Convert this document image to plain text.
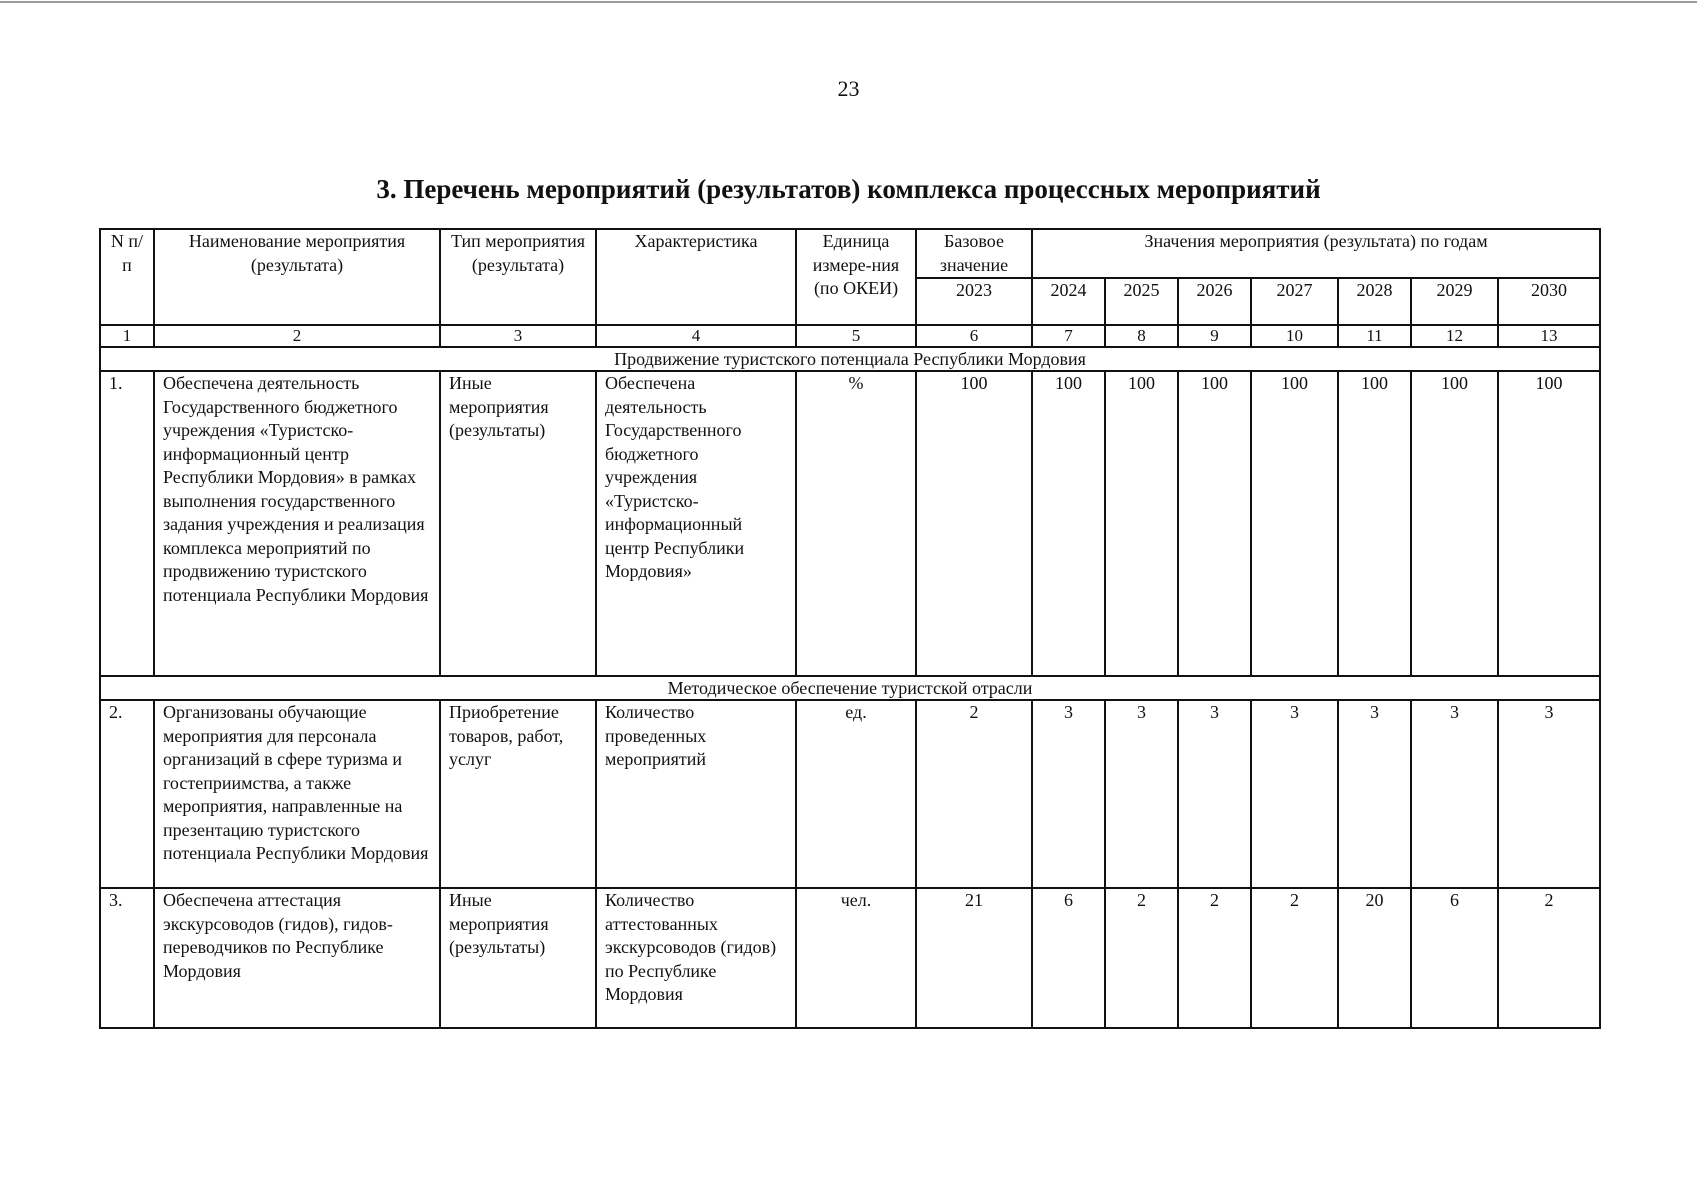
23
3. Перечень мероприятий (результатов) комплекса процессных мероприятий
N п/п	Наименование мероприятия (результата)	Тип мероприятия (результата)	Характеристика	Единица измере-ния (по ОКЕИ)	Базовое значение	Значения мероприятия (результата) по годам						
					2023	2024	2025	2026	2027	2028	2029	2030
1	2	3	4	5	6	7	8	9	10	11	12	13
Продвижение туристского потенциала Республики Мордовия												
1.	Обеспечена деятельность Государственного бюджетного учреждения «Туристско-информационный центр Республики Мордовия» в рамках выполнения государственного задания учреждения и реализация комплекса мероприятий по продвижению туристского потенциала Республики Мордовия	Иные мероприятия (результаты)	Обеспечена деятельность Государственного бюджетного учреждения «Туристско-информационный центр Республики Мордовия»	%	100	100	100	100	100	100	100	100
Методическое обеспечение туристской отрасли												
2.	Организованы обучающие мероприятия для персонала организаций в сфере туризма и гостеприимства, а также мероприятия, направленные на презентацию туристского потенциала Республики Мордовия	Приобретение товаров, работ, услуг	Количество проведенных мероприятий	ед.	2	3	3	3	3	3	3	3
3.	Обеспечена аттестация экскурсоводов (гидов), гидов-переводчиков по Республике Мордовия	Иные мероприятия (результаты)	Количество аттестованных экскурсоводов (гидов) по Республике Мордовия	чел.	21	6	2	2	2	20	6	2
